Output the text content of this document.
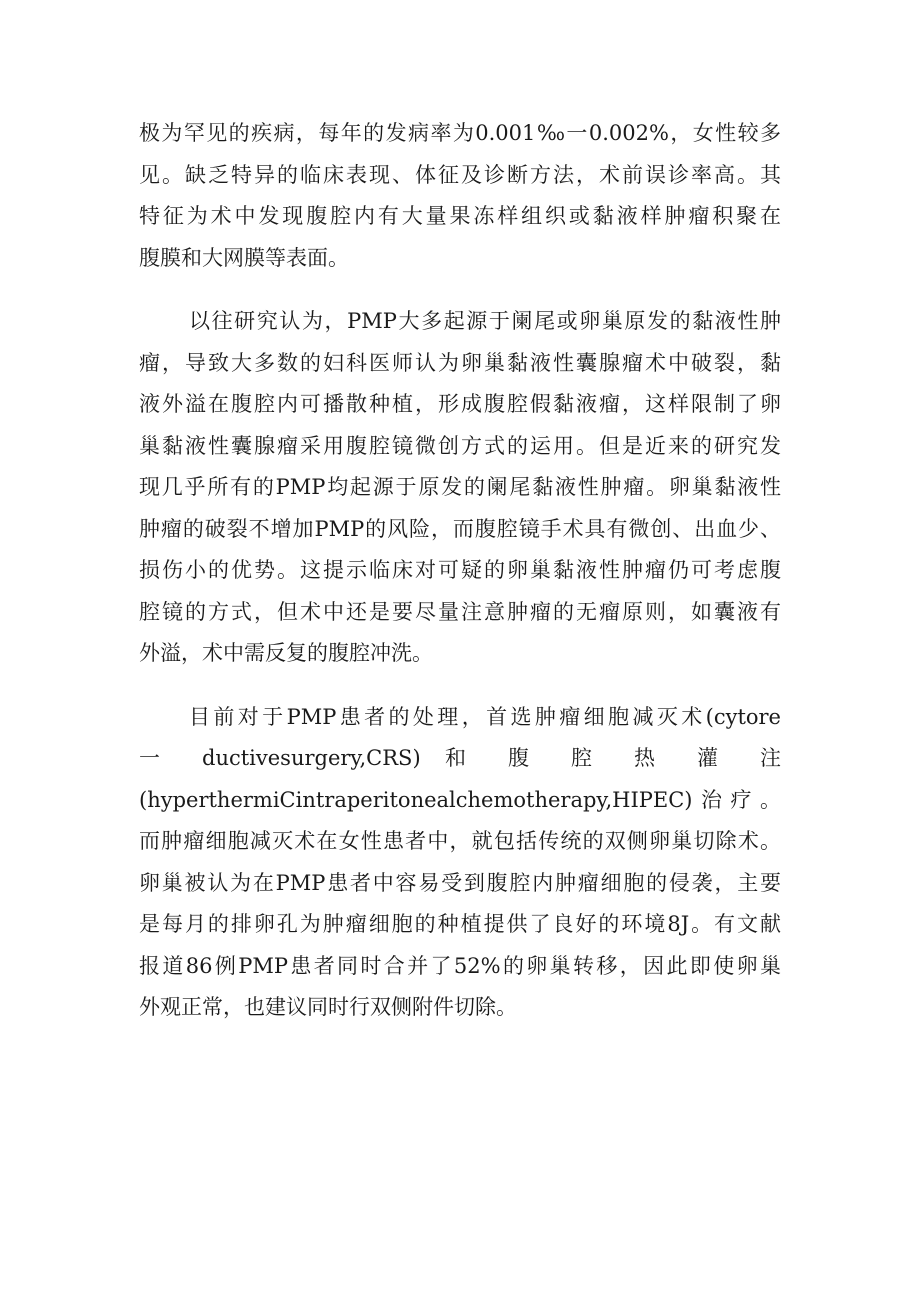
极为罕见的疾病，每年的发病率为0.001‰一0.002%，女性较多
见。缺乏特异的临床表现、体征及诊断方法，术前误诊率高。其
特征为术中发现腹腔内有大量果冻样组织或黏液样肿瘤积聚在
腹膜和大网膜等表面。

以往研究认为，PMP大多起源于阑尾或卵巢原发的黏液性肿
瘤，导致大多数的妇科医师认为卵巢黏液性囊腺瘤术中破裂，黏
液外溢在腹腔内可播散种植，形成腹腔假黏液瘤，这样限制了卵
巢黏液性囊腺瘤采用腹腔镜微创方式的运用。但是近来的研究发
现几乎所有的PMP均起源于原发的阑尾黏液性肿瘤。卵巢黏液性
肿瘤的破裂不增加PMP的风险，而腹腔镜手术具有微创、出血少、
损伤小的优势。这提示临床对可疑的卵巢黏液性肿瘤仍可考虑腹
腔镜的方式，但术中还是要尽量注意肿瘤的无瘤原则，如囊液有
外溢，术中需反复的腹腔冲洗。

目前对于PMP患者的处理，首选肿瘤细胞减灭术(cytore
一 ductivesurgery,CRS) 和 腹 腔 热 灌 注
(hyperthermiCintraperitonealchemotherapy,HIPEC)治疗。
而肿瘤细胞减灭术在女性患者中，就包括传统的双侧卵巢切除术。
卵巢被认为在PMP患者中容易受到腹腔内肿瘤细胞的侵袭，主要
是每月的排卵孔为肿瘤细胞的种植提供了良好的环境8J。有文献
报道86例PMP患者同时合并了52%的卵巢转移，因此即使卵巢
外观正常，也建议同时行双侧附件切除。
